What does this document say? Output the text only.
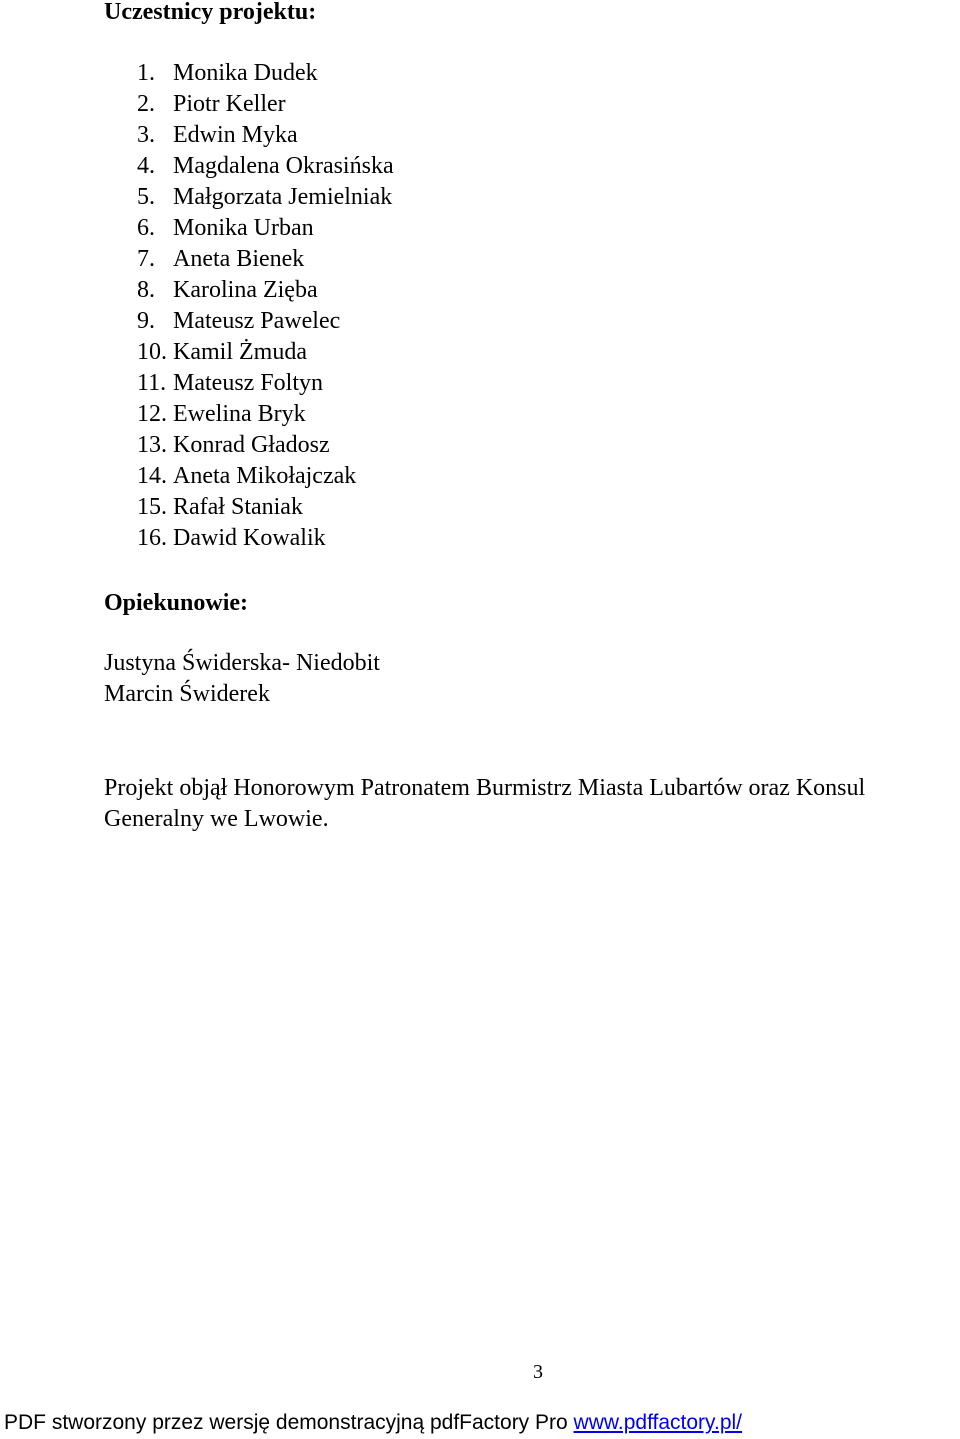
Uczestnicy projektu:
1. Monika Dudek
2. Piotr Keller
3. Edwin Myka
4. Magdalena Okrasińska
5. Małgorzata Jemielniak
6. Monika Urban
7. Aneta Bienek
8. Karolina Zięba
9. Mateusz Pawelec
10. Kamil Żmuda
11. Mateusz Foltyn
12. Ewelina Bryk
13. Konrad Gładosz
14. Aneta Mikołajczak
15. Rafał Staniak
16. Dawid Kowalik
Opiekunowie:
Justyna Świderska- Niedobit
Marcin Świderek
Projekt objął Honorowym Patronatem Burmistrz Miasta Lubartów oraz Konsul
Generalny we Lwowie.
3
PDF stworzony przez wersję demonstracyjną pdfFactory Pro www.pdffactory.pl/
